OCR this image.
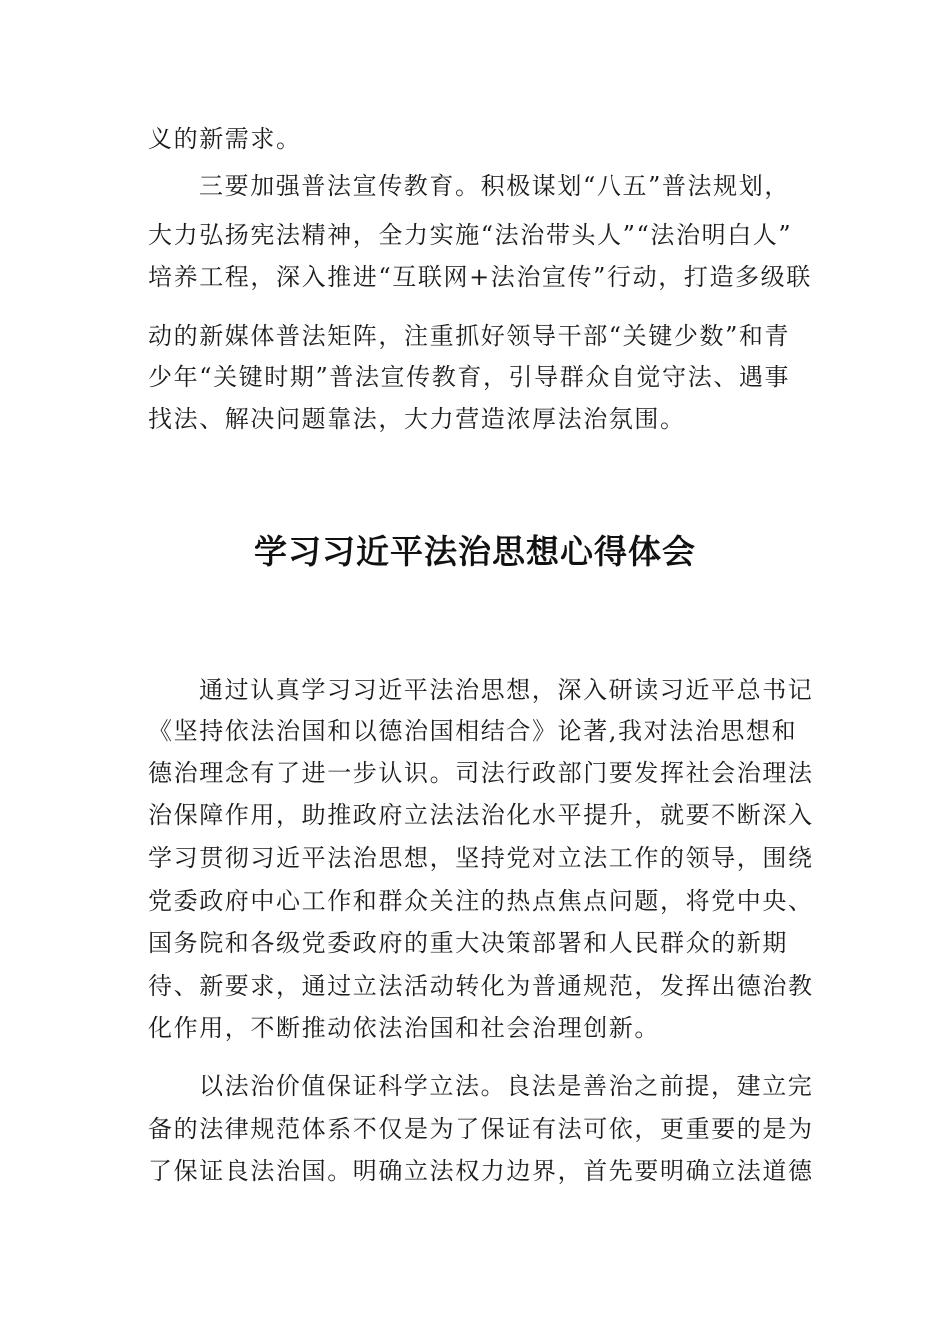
义的新需求。
三要加强普法宣传教育。积极谋划“八五”普法规划，
大力弘扬宪法精神，全力实施“法治带头人”“法治明白人”
培养工程，深入推进“互联网+法治宣传”行动，打造多级联
动的新媒体普法矩阵，注重抓好领导干部“关键少数”和青
少年“关键时期”普法宣传教育，引导群众自觉守法、遇事
找法、解决问题靠法，大力营造浓厚法治氛围。
学习习近平法治思想心得体会
通过认真学习习近平法治思想，深入研读习近平总书记
《坚持依法治国和以德治国相结合》论著,我对法治思想和
德治理念有了进一步认识。司法行政部门要发挥社会治理法
治保障作用，助推政府立法法治化水平提升，就要不断深入
学习贯彻习近平法治思想，坚持党对立法工作的领导，围绕
党委政府中心工作和群众关注的热点焦点问题，将党中央、
国务院和各级党委政府的重大决策部署和人民群众的新期
待、新要求，通过立法活动转化为普通规范，发挥出德治教
化作用，不断推动依法治国和社会治理创新。
以法治价值保证科学立法。良法是善治之前提，建立完
备的法律规范体系不仅是为了保证有法可依，更重要的是为
了保证良法治国。明确立法权力边界，首先要明确立法道德
